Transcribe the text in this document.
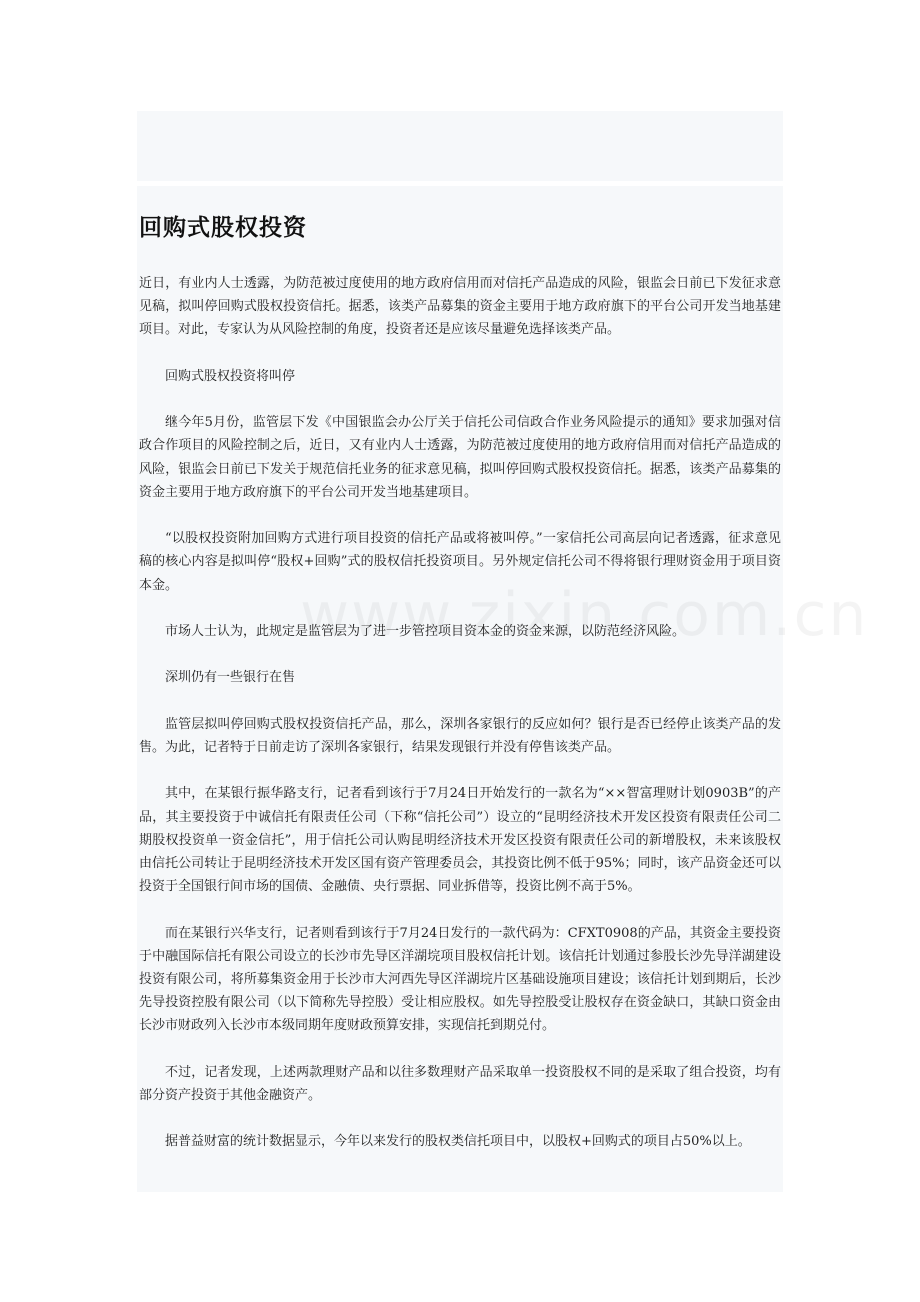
回购式股权投资

近日，有业内人士透露，为防范被过度使用的地方政府信用而对信托产品造成的风险，银监会日前已下发征求意见稿，拟叫停回购式股权投资信托。据悉，该类产品募集的资金主要用于地方政府旗下的平台公司开发当地基建项目。对此，专家认为从风险控制的角度，投资者还是应该尽量避免选择该类产品。

回购式股权投资将叫停

继今年5月份，监管层下发《中国银监会办公厅关于信托公司信政合作业务风险提示的通知》要求加强对信政合作项目的风险控制之后，近日，又有业内人士透露，为防范被过度使用的地方政府信用而对信托产品造成的风险，银监会日前已下发关于规范信托业务的征求意见稿，拟叫停回购式股权投资信托。据悉，该类产品募集的资金主要用于地方政府旗下的平台公司开发当地基建项目。

“以股权投资附加回购方式进行项目投资的信托产品或将被叫停。”一家信托公司高层向记者透露，征求意见稿的核心内容是拟叫停“股权+回购”式的股权信托投资项目。另外规定信托公司不得将银行理财资金用于项目资本金。

市场人士认为，此规定是监管层为了进一步管控项目资本金的资金来源，以防范经济风险。

深圳仍有一些银行在售

监管层拟叫停回购式股权投资信托产品，那么，深圳各家银行的反应如何？银行是否已经停止该类产品的发售。为此，记者特于日前走访了深圳各家银行，结果发现银行并没有停售该类产品。

其中，在某银行振华路支行，记者看到该行于7月24日开始发行的一款名为“××智富理财计划0903B”的产品，其主要投资于中诚信托有限责任公司（下称“信托公司”）设立的“昆明经济技术开发区投资有限责任公司二期股权投资单一资金信托”，用于信托公司认购昆明经济技术开发区投资有限责任公司的新增股权，未来该股权由信托公司转让于昆明经济技术开发区国有资产管理委员会，其投资比例不低于95%；同时，该产品资金还可以投资于全国银行间市场的国债、金融债、央行票据、同业拆借等，投资比例不高于5%。

而在某银行兴华支行，记者则看到该行于7月24日发行的一款代码为：CFXT0908的产品，其资金主要投资于中融国际信托有限公司设立的长沙市先导区洋湖垸项目股权信托计划。该信托计划通过参股长沙先导洋湖建设投资有限公司，将所募集资金用于长沙市大河西先导区洋湖垸片区基础设施项目建设；该信托计划到期后，长沙先导投资控股有限公司（以下简称先导控股）受让相应股权。如先导控股受让股权存在资金缺口，其缺口资金由长沙市财政列入长沙市本级同期年度财政预算安排，实现信托到期兑付。

不过，记者发现，上述两款理财产品和以往多数理财产品采取单一投资股权不同的是采取了组合投资，均有部分资产投资于其他金融资产。

据普益财富的统计数据显示，今年以来发行的股权类信托项目中，以股权+回购式的项目占50%以上。
